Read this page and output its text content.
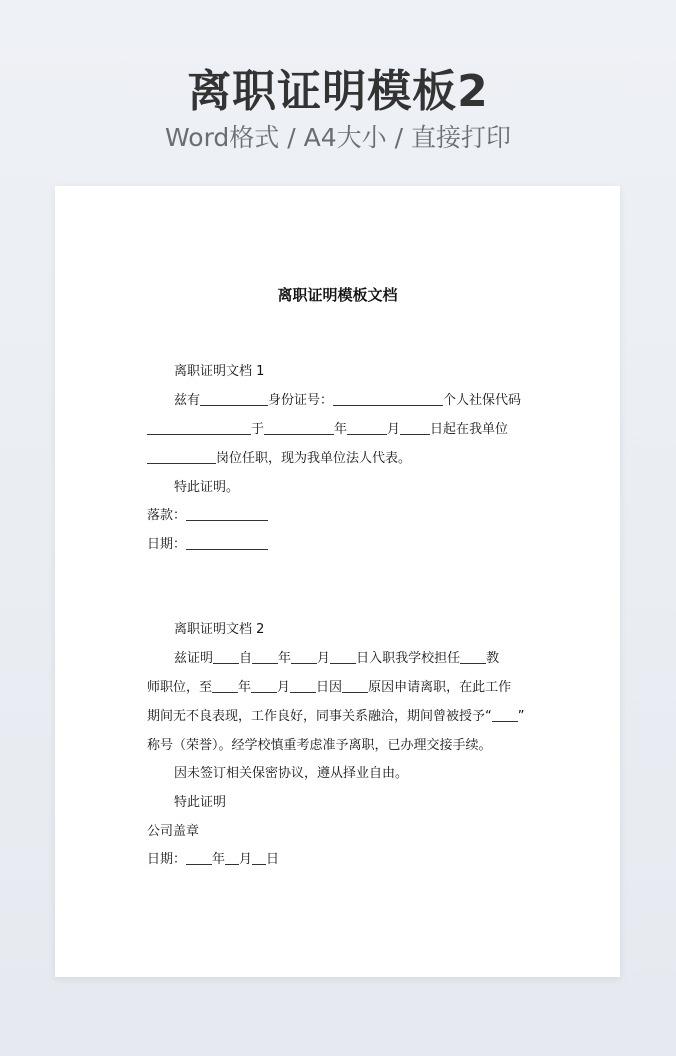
离职证明模板2
Word格式 / A4大小 / 直接打印
离职证明模板文档
离职证明文档 1
兹有	身份证号：	个人社保代码
于	年	月 日起在我单位
岗位任职，现为我单位法人代表。
特此证明。
落款：
日期：
离职证明文档 2
兹证明 自 年 月 日入职我学校担任 教
师职位，至 年 月 日因 原因申请离职，在此工作
期间无不良表现，工作良好，同事关系融洽，期间曾被授予“ ”
称号（荣誉）。经学校慎重考虑准予离职，已办理交接手续。
因未签订相关保密协议，遵从择业自由。
特此证明
公司盖章
日期： 年 月 日
